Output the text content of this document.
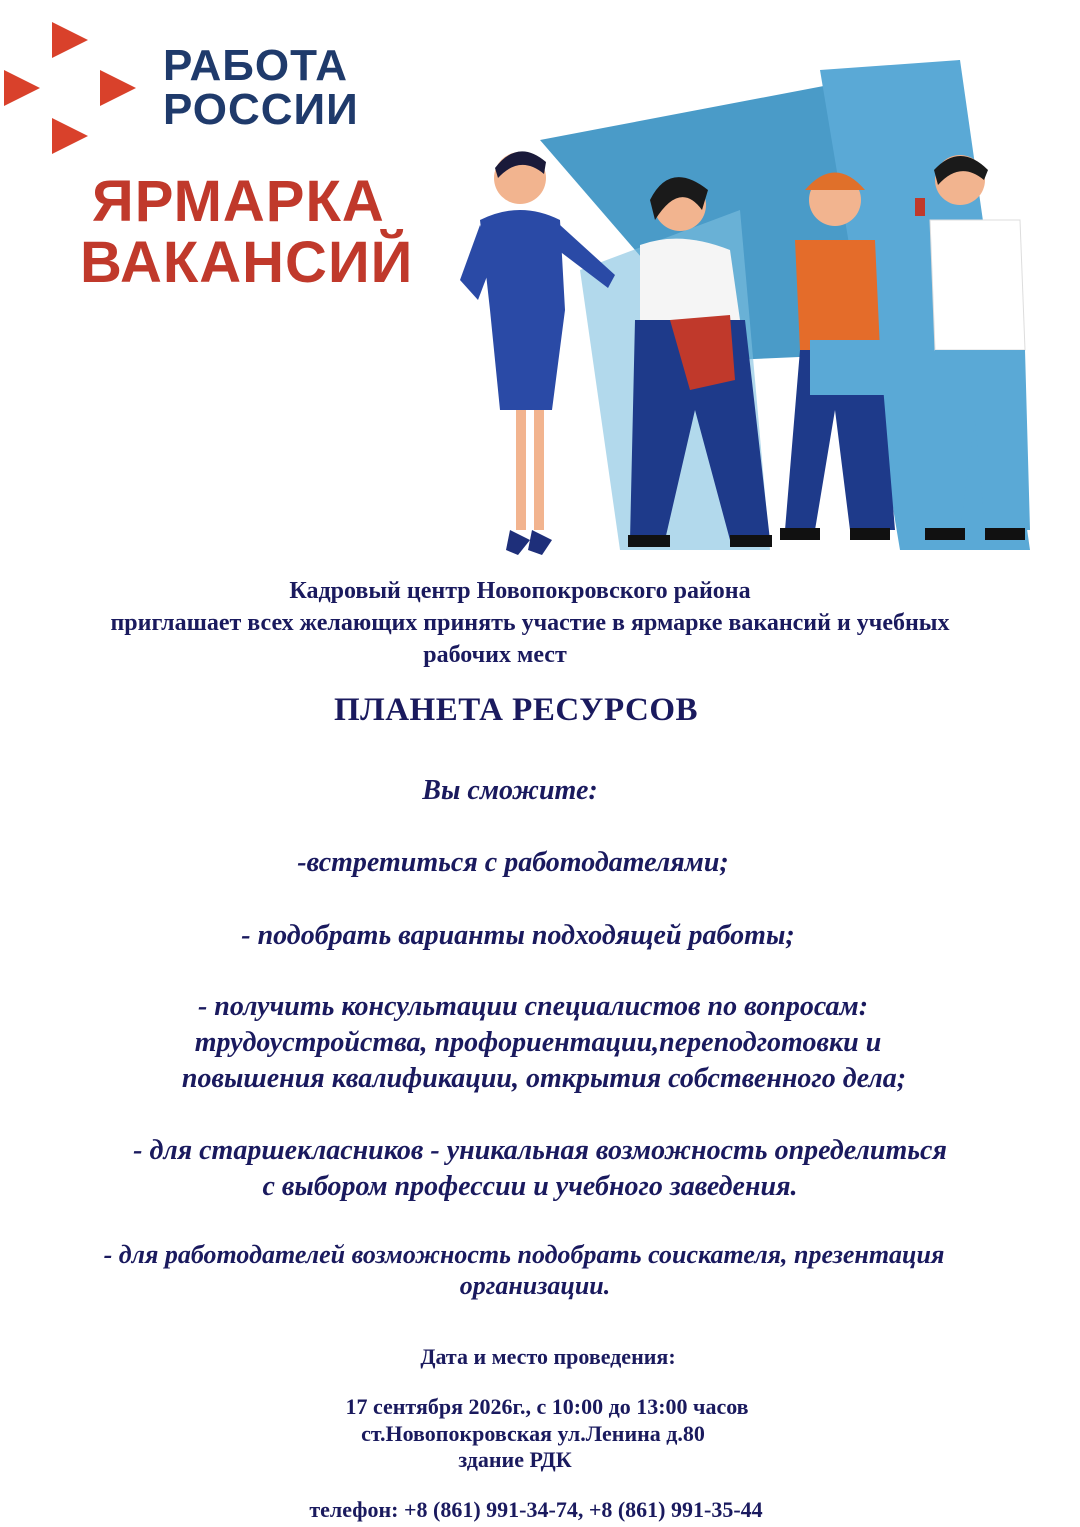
РАБОТА
РОССИИ
ЯРМАРКА
ВАКАНСИЙ
Кадровый центр Новопокровского района
приглашает всех желающих принять участие в ярмарке вакансий и учебных
рабочих мест
ПЛАНЕТА РЕСУРСОВ
Вы сможите:
-встретиться с работодателями;
- подобрать варианты подходящей работы;
- получить консультации специалистов по вопросам:
трудоустройства, профориентации,переподготовки и
повышения квалификации, открытия собственного дела;
- для старшекласников - уникальная возможность определиться
с выбором профессии и учебного заведения.
- для работодателей возможность подобрать соискателя, презентация
организации.
Дата и место проведения:
17 сентября 2026г., с 10:00 до 13:00 часов
ст.Новопокровская ул.Ленина д.80
здание РДК
телефон: +8 (861) 991-34-74, +8 (861) 991-35-44
